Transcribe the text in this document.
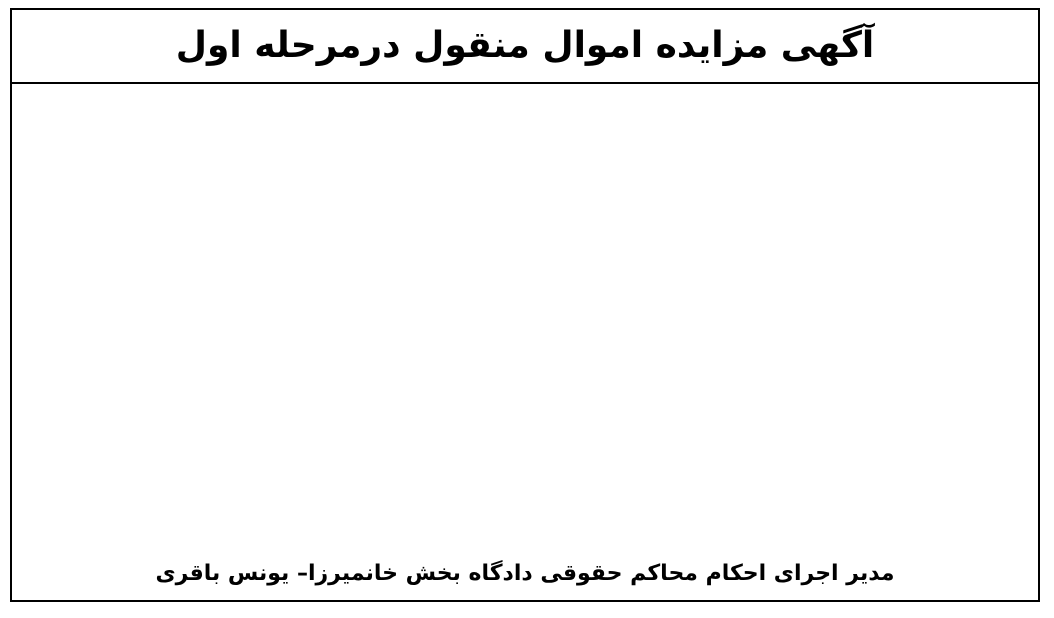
آگهی مزایده اموال منقول درمرحله اول
مدیر اجرای احکام محاکم حقوقی دادگاه بخش خانمیرزا– یونس باقری
